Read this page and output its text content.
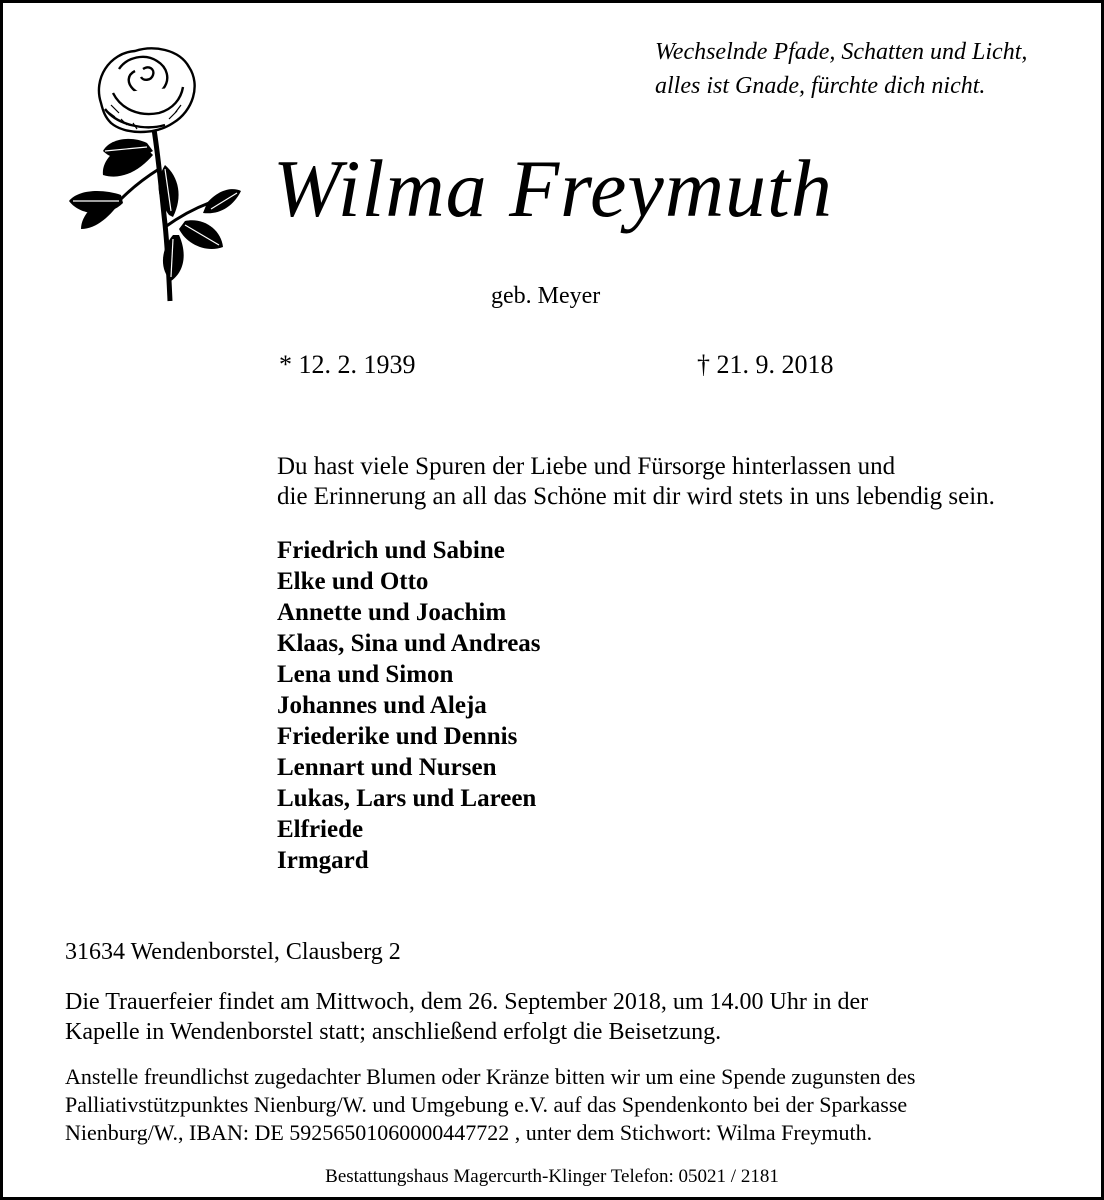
Wechselnde Pfade, Schatten und Licht,
alles ist Gnade, fürchte dich nicht.
Wilma Freymuth
geb. Meyer
* 12. 2. 1939	† 21. 9. 2018
Du hast viele Spuren der Liebe und Fürsorge hinterlassen und
die Erinnerung an all das Schöne mit dir wird stets in uns lebendig sein.
Friedrich und Sabine
Elke und Otto
Annette und Joachim
Klaas, Sina und Andreas
Lena und Simon
Johannes und Aleja
Friederike und Dennis
Lennart und Nursen
Lukas, Lars und Lareen
Elfriede
Irmgard
31634 Wendenborstel, Clausberg 2
Die Trauerfeier findet am Mittwoch, dem 26. September 2018, um 14.00 Uhr in der
Kapelle in Wendenborstel statt; anschließend erfolgt die Beisetzung.
Anstelle freundlichst zugedachter Blumen oder Kränze bitten wir um eine Spende zugunsten des
Palliativstützpunktes Nienburg/W. und Umgebung e.V. auf das Spendenkonto bei der Sparkasse
Nienburg/W., IBAN: DE 59256501060000447722 , unter dem Stichwort: Wilma Freymuth.
Bestattungshaus Magercurth-Klinger Telefon: 05021 / 2181
